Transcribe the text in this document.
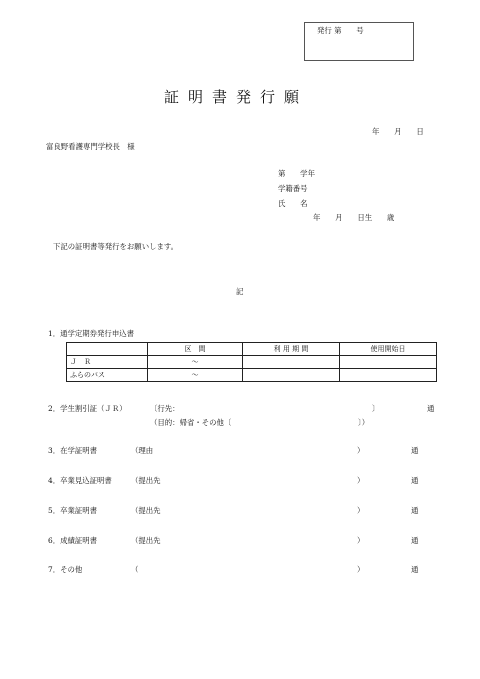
発行 第　　号
証明書発行願
年　　月　　日
富良野看護専門学校長　様
第　　学年
学籍番号
氏　　名
年　　月　　日生　　歳
下記の証明書等発行をお願いします。
記
1．通学定期券発行申込書
	区　間	利 用 期 間	使用開始日
Ｊ　Ｒ	～		
ふらのバス	～		
2．学生割引証（ＪＲ）	〔行先：	〕	通
（目的：帰省・その他〔	〕）
3．在学証明書	（理由	）	通
4．卒業見込証明書	（提出先	）	通
5．卒業証明書	（提出先	）	通
6．成績証明書	（提出先	）	通
7．その他	（	）	通
